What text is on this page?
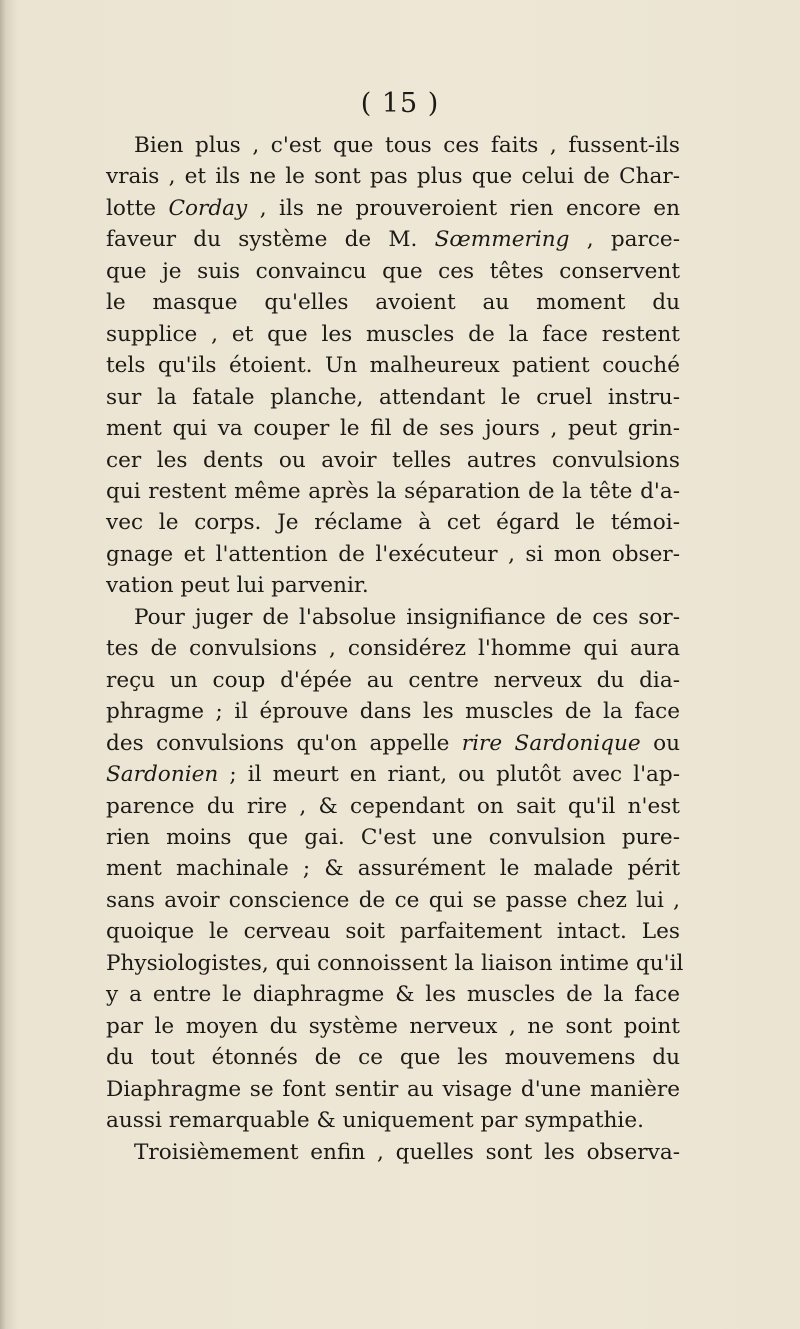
( 15 )
Bien plus , c'est que tous ces faits , fussent-ils
vrais , et ils ne le sont pas plus que celui de Char-
lotte Corday , ils ne prouveroient rien encore en
faveur du système de M. Sœmmering , parce-
que je suis convaincu que ces têtes conservent
le masque qu'elles avoient au moment du
supplice , et que les muscles de la face restent
tels qu'ils étoient. Un malheureux patient couché
sur la fatale planche, attendant le cruel instru-
ment qui va couper le fil de ses jours , peut grin-
cer les dents ou avoir telles autres convulsions
qui restent même après la séparation de la tête d'a-
vec le corps. Je réclame à cet égard le témoi-
gnage et l'attention de l'exécuteur , si mon obser-
vation peut lui parvenir.
Pour juger de l'absolue insignifiance de ces sor-
tes de convulsions , considérez l'homme qui aura
reçu un coup d'épée au centre nerveux du dia-
phragme ; il éprouve dans les muscles de la face
des convulsions qu'on appelle rire Sardonique ou
Sardonien ; il meurt en riant, ou plutôt avec l'ap-
parence du rire , & cependant on sait qu'il n'est
rien moins que gai. C'est une convulsion pure-
ment machinale ; & assurément le malade périt
sans avoir conscience de ce qui se passe chez lui ,
quoique le cerveau soit parfaitement intact. Les
Physiologistes, qui connoissent la liaison intime qu'il
y a entre le diaphragme & les muscles de la face
par le moyen du système nerveux , ne sont point
du tout étonnés de ce que les mouvemens du
Diaphragme se font sentir au visage d'une manière
aussi remarquable & uniquement par sympathie.
Troisièmement enfin , quelles sont les observa-
